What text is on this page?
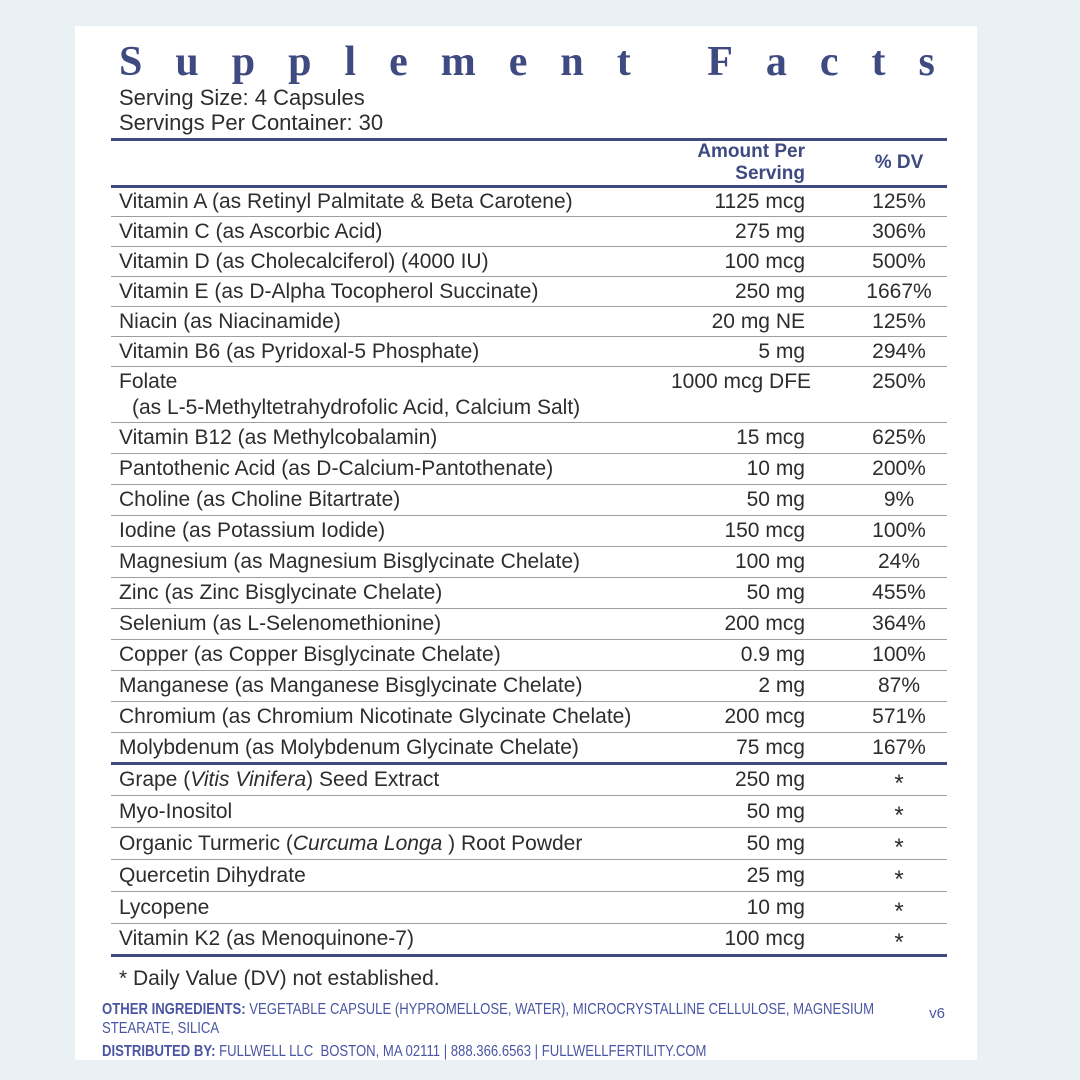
Supplement Facts
Serving Size: 4 Capsules
Servings Per Container: 30
	Amount Per Serving	% DV
Vitamin A (as Retinyl Palmitate & Beta Carotene)	1125 mcg	125%
Vitamin C (as Ascorbic Acid)	275 mg	306%
Vitamin D (as Cholecalciferol) (4000 IU)	100 mcg	500%
Vitamin E (as D-Alpha Tocopherol Succinate)	250 mg	1667%
Niacin (as Niacinamide)	20 mg NE	125%
Vitamin B6 (as Pyridoxal-5 Phosphate)	5 mg	294%
Folate
(as L-5-Methyltetrahydrofolic Acid, Calcium Salt)	1000 mcg DFE	250%
Vitamin B12 (as Methylcobalamin)	15 mcg	625%
Pantothenic Acid (as D-Calcium-Pantothenate)	10 mg	200%
Choline (as Choline Bitartrate)	50 mg	9%
Iodine (as Potassium Iodide)	150 mcg	100%
Magnesium (as Magnesium Bisglycinate Chelate)	100 mg	24%
Zinc (as Zinc Bisglycinate Chelate)	50 mg	455%
Selenium (as L-Selenomethionine)	200 mcg	364%
Copper (as Copper Bisglycinate Chelate)	0.9 mg	100%
Manganese (as Manganese Bisglycinate Chelate)	2 mg	87%
Chromium (as Chromium Nicotinate Glycinate Chelate)	200 mcg	571%
Molybdenum (as Molybdenum Glycinate Chelate)	75 mcg	167%
Grape (Vitis Vinifera) Seed Extract	250 mg	*
Myo-Inositol	50 mg	*
Organic Turmeric (Curcuma Longa ) Root Powder	50 mg	*
Quercetin Dihydrate	25 mg	*
Lycopene	10 mg	*
Vitamin K2 (as Menoquinone-7)	100 mcg	*
* Daily Value (DV) not established.

OTHER INGREDIENTS: VEGETABLE CAPSULE (HYPROMELLOSE, WATER), MICROCRYSTALLINE CELLULOSE, MAGNESIUM STEARATE, SILICA

DISTRIBUTED BY: FULLWELL LLC  BOSTON, MA 02111 | 888.366.6563 | FULLWELLFERTILITY.COM

v6
